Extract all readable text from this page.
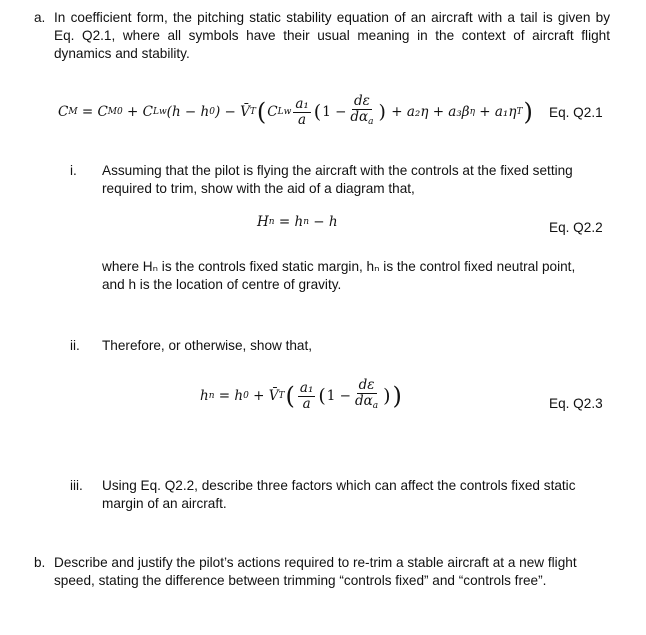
a. In coefficient form, the pitching static stability equation of an aircraft with a tail is given by Eq. Q2.1, where all symbols have their usual meaning in the context of aircraft flight dynamics and stability.
C M
= C M0
+ C Lw (h − h 0 ) − V̄ T ( C Lw $\frac{\text{a₁}}{a}$ ( $1 - \frac{d\varepsilon}{d\alpha_a}$ )
+ a₂η + a₃β η
+ a₁η T ) Eq. Q2.1
i. Assuming that the pilot is flying the aircraft with the controls at the fixed setting required to trim, show with the aid of a diagram that,
H n
= h n
− h	Eq. Q2.2
where Hₙ is the controls fixed static margin, hₙ is the control fixed neutral point, and h is the location of centre of gravity.
ii. Therefore, or otherwise, show that,
h n
= h 0
+ V̄ T ( $\frac{\text{a₁}}{a}$ ( $1 - \frac{d\varepsilon}{d\alpha_a}$ ) )	Eq. Q2.3
iii. Using Eq. Q2.2, describe three factors which can affect the controls fixed static margin of an aircraft.
b. Describe and justify the pilot’s actions required to re-trim a stable aircraft at a new flight speed, stating the difference between trimming “controls fixed” and “controls free”.
